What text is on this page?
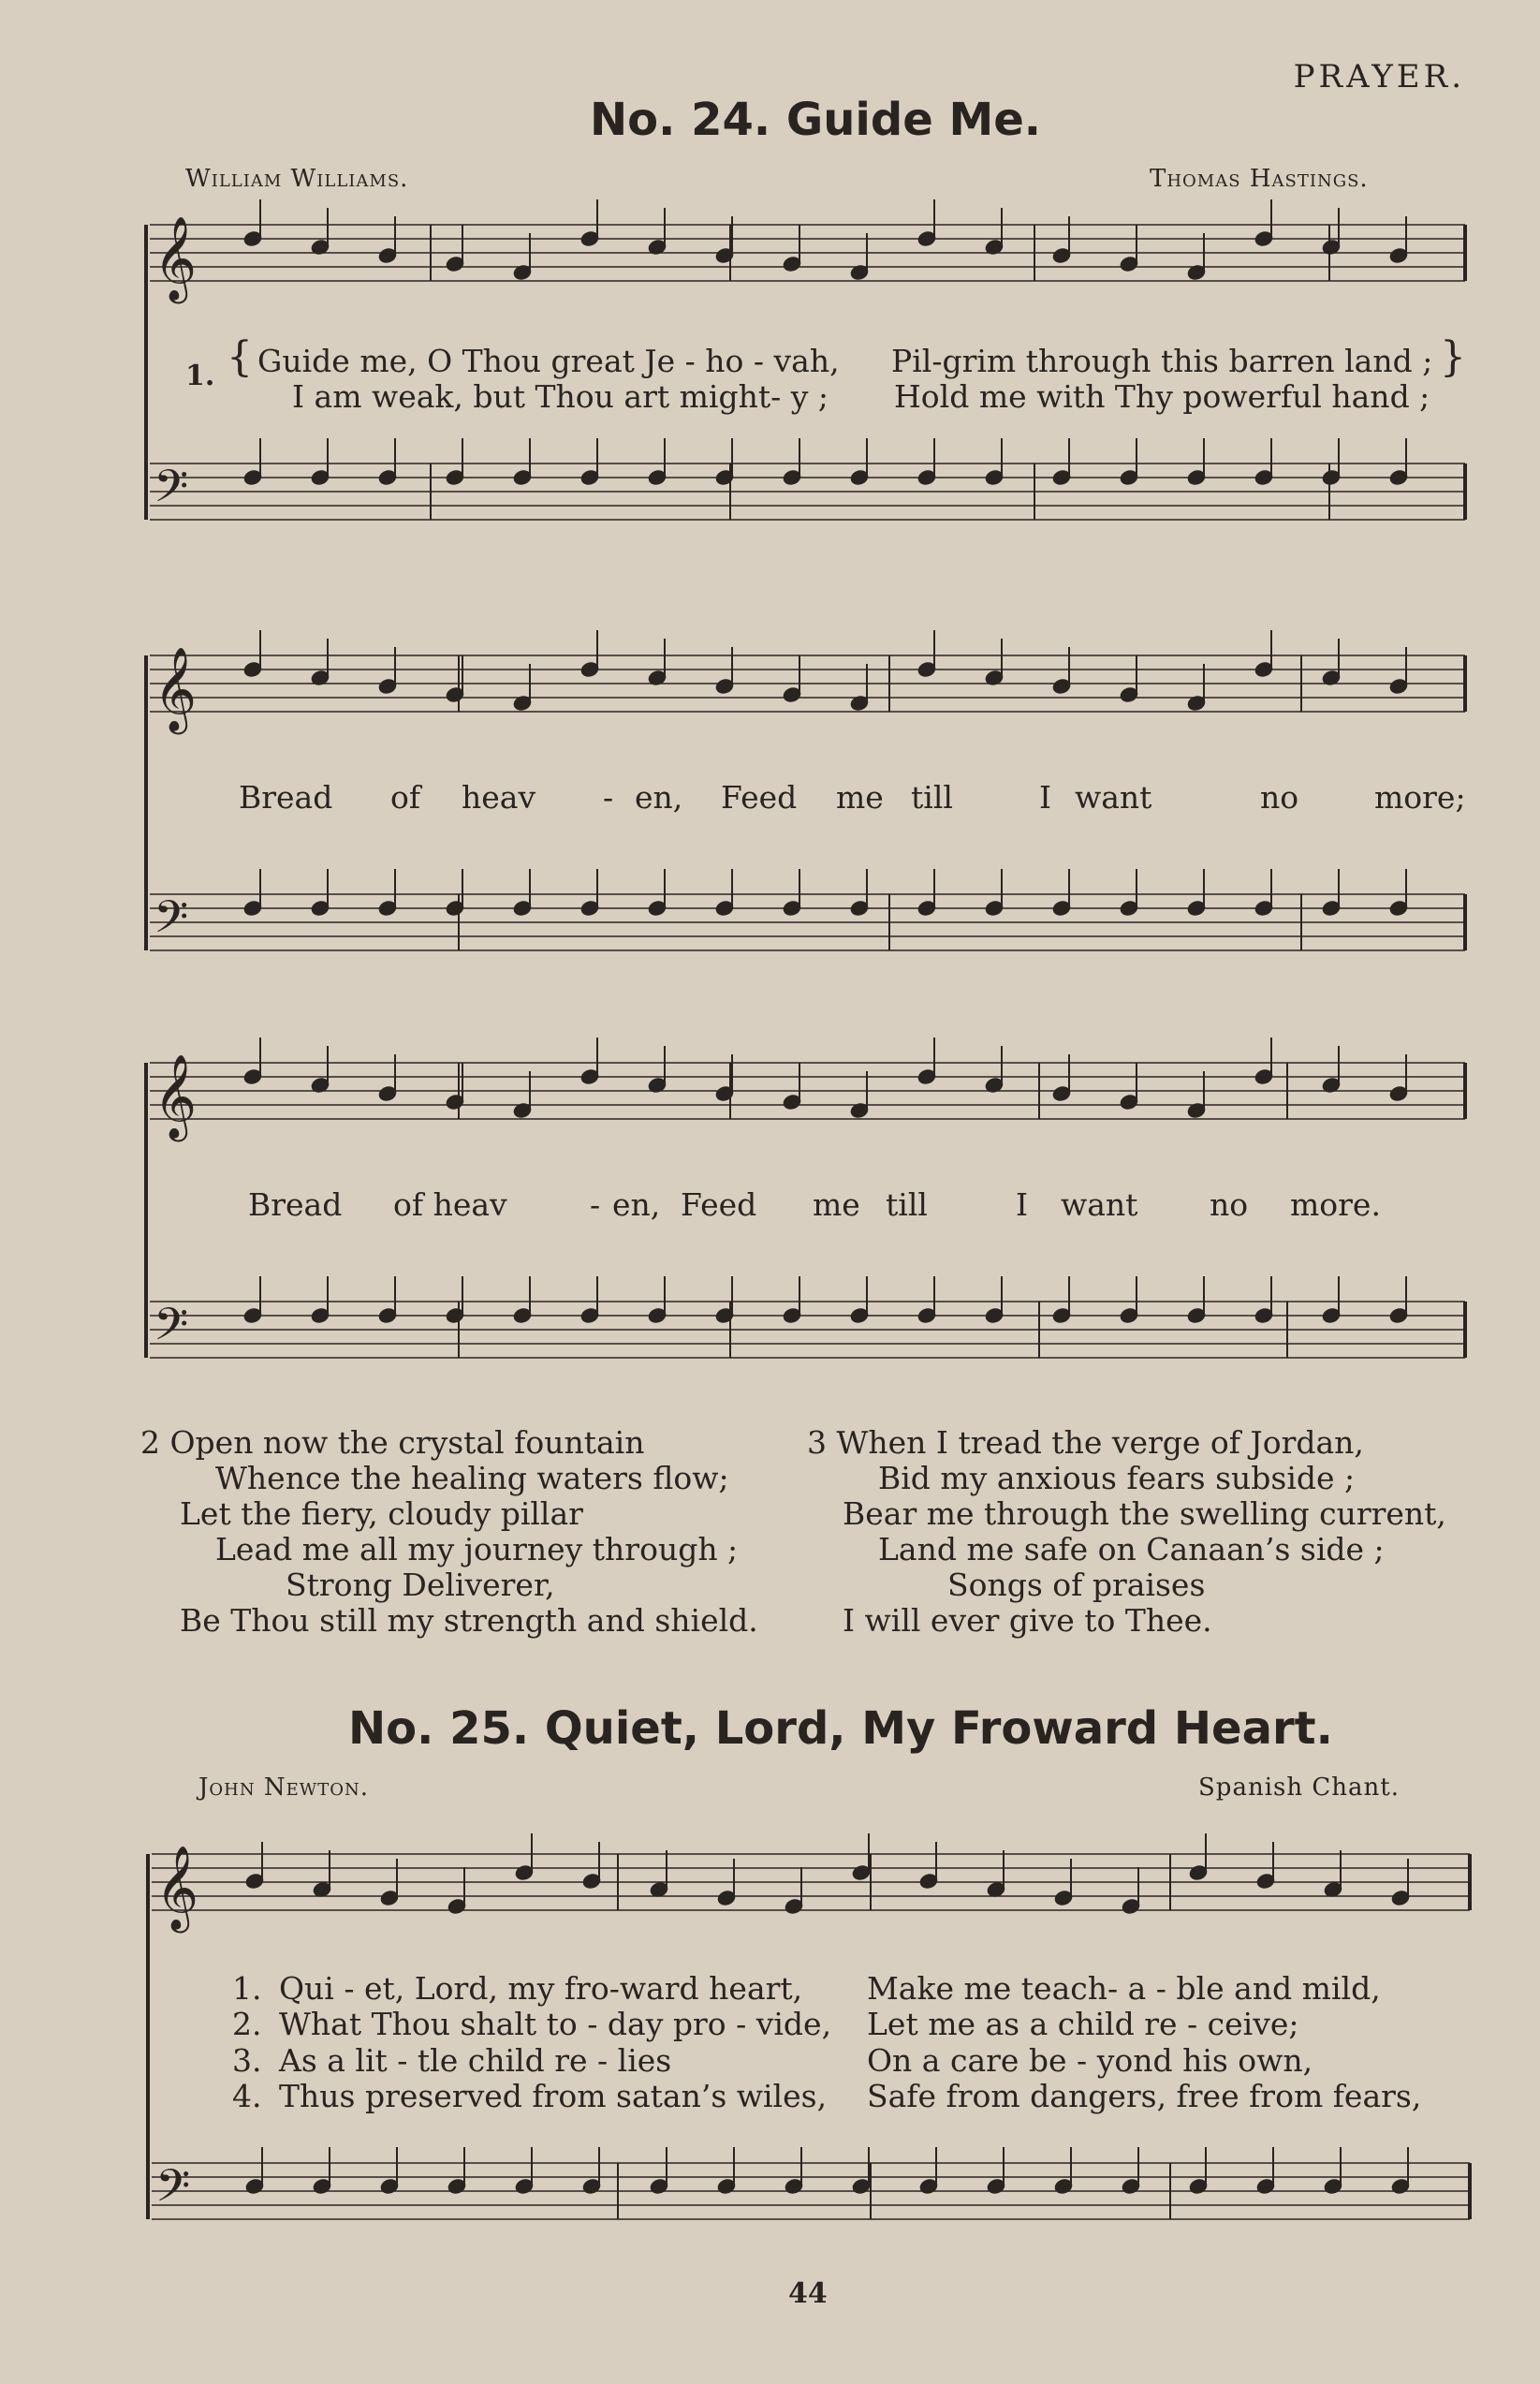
PRAYER.
No. 24. Guide Me.
William Williams.	Thomas Hastings.
𝄞
𝄢
𝄞
𝄢
𝄞
𝄢
𝄞
𝄢
1. { Guide me, O Thou great Je - ho - vah, Pil-grim through this barren land ;
I am weak, but Thou art might- y ; Hold me with Thy powerful hand ;
}
Bread of heav - en, Feed me till	I want	no more;
Bread of heav	- en, Feed me till	I want no more.
2 Open now the crystal fountain
Whence the healing waters flow;
Let the fiery, cloudy pillar
Lead me all my journey through ;
Strong Deliverer,
Be Thou still my strength and shield.
3 When I tread the verge of Jordan,
Bid my anxious fears subside ;
Bear me through the swelling current,
Land me safe on Canaan’s side ;
Songs of praises
I will ever give to Thee.
No. 25. Quiet, Lord, My Froward Heart.
John Newton.	Spanish Chant.
1. Qui - et, Lord, my fro-ward heart, Make me teach- a - ble and mild,
2. What Thou shalt to - day pro - vide, Let me as a child re - ceive;
3. As a lit - tle child re - lies	On a care be - yond his own,
4. Thus preserved from satan’s wiles, Safe from dangers, free from fears,
44
